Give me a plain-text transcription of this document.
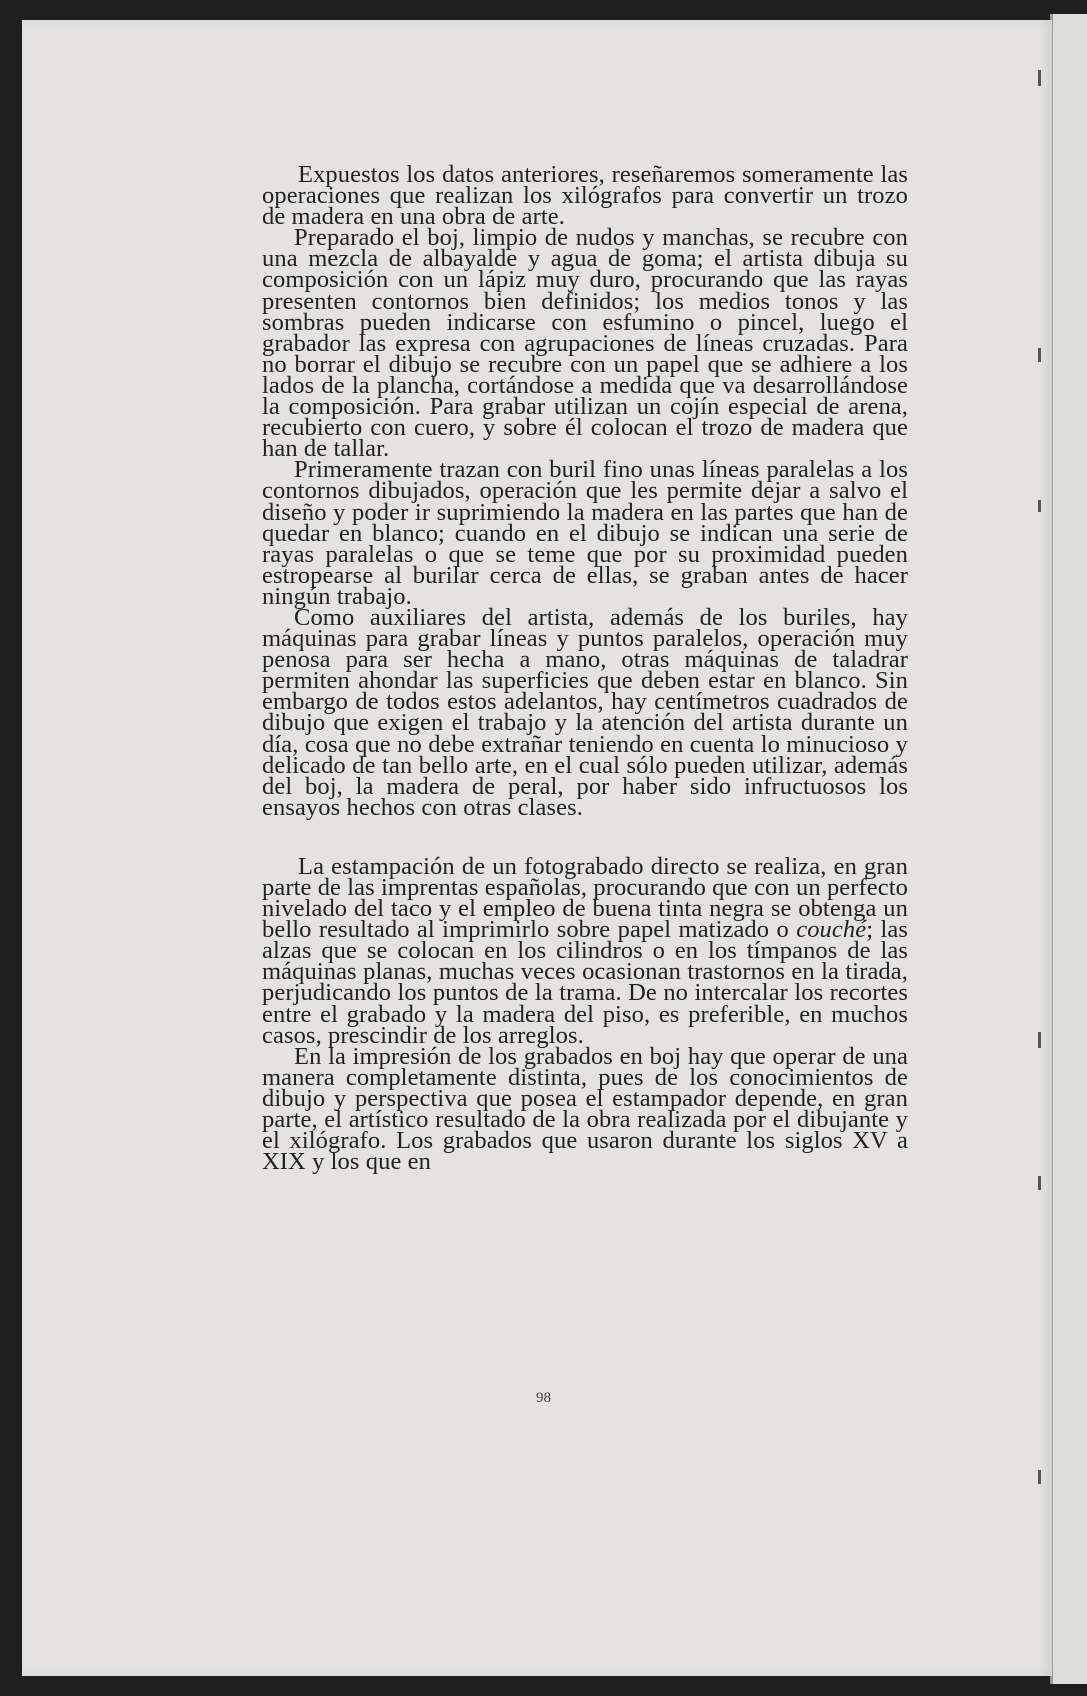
Expuestos los datos anteriores, reseñaremos someramente las operaciones que realizan los xilógrafos para convertir un trozo de madera en una obra de arte.

Preparado el boj, limpio de nudos y manchas, se recubre con una mezcla de albayalde y agua de goma; el artista dibuja su composición con un lápiz muy duro, procurando que las rayas presenten contornos bien definidos; los medios tonos y las sombras pueden indicarse con esfumino o pincel, luego el grabador las expresa con agrupaciones de líneas cruzadas. Para no borrar el dibujo se recubre con un papel que se adhiere a los lados de la plancha, cortándose a medida que va desarrollándose la composición. Para grabar utilizan un cojín especial de arena, recubierto con cuero, y sobre él colocan el trozo de madera que han de tallar.

Primeramente trazan con buril fino unas líneas paralelas a los contornos dibujados, operación que les permite dejar a salvo el diseño y poder ir suprimiendo la madera en las partes que han de quedar en blanco; cuando en el dibujo se indican una serie de rayas paralelas o que se teme que por su proximidad pueden estropearse al burilar cerca de ellas, se graban antes de hacer ningún trabajo.

Como auxiliares del artista, además de los buriles, hay máquinas para grabar líneas y puntos paralelos, operación muy penosa para ser hecha a mano, otras máquinas de taladrar permiten ahondar las superficies que deben estar en blanco. Sin embargo de todos estos adelantos, hay centímetros cuadrados de dibujo que exigen el trabajo y la atención del artista durante un día, cosa que no debe extrañar teniendo en cuenta lo minucioso y delicado de tan bello arte, en el cual sólo pueden utilizar, además del boj, la madera de peral, por haber sido infructuosos los ensayos hechos con otras clases.

La estampación de un fotograbado directo se realiza, en gran parte de las imprentas españolas, procurando que con un perfecto nivelado del taco y el empleo de buena tinta negra se obtenga un bello resultado al imprimirlo sobre papel matizado o couché; las alzas que se colocan en los cilindros o en los tímpanos de las máquinas planas, muchas veces ocasionan trastornos en la tirada, perjudicando los puntos de la trama. De no intercalar los recortes entre el grabado y la madera del piso, es preferible, en muchos casos, prescindir de los arreglos.

En la impresión de los grabados en boj hay que operar de una manera completamente distinta, pues de los conocimientos de dibujo y perspectiva que posea el estampador depende, en gran parte, el artístico resultado de la obra realizada por el dibujante y el xilógrafo. Los grabados que usaron durante los siglos XV a XIX y los que en

98
